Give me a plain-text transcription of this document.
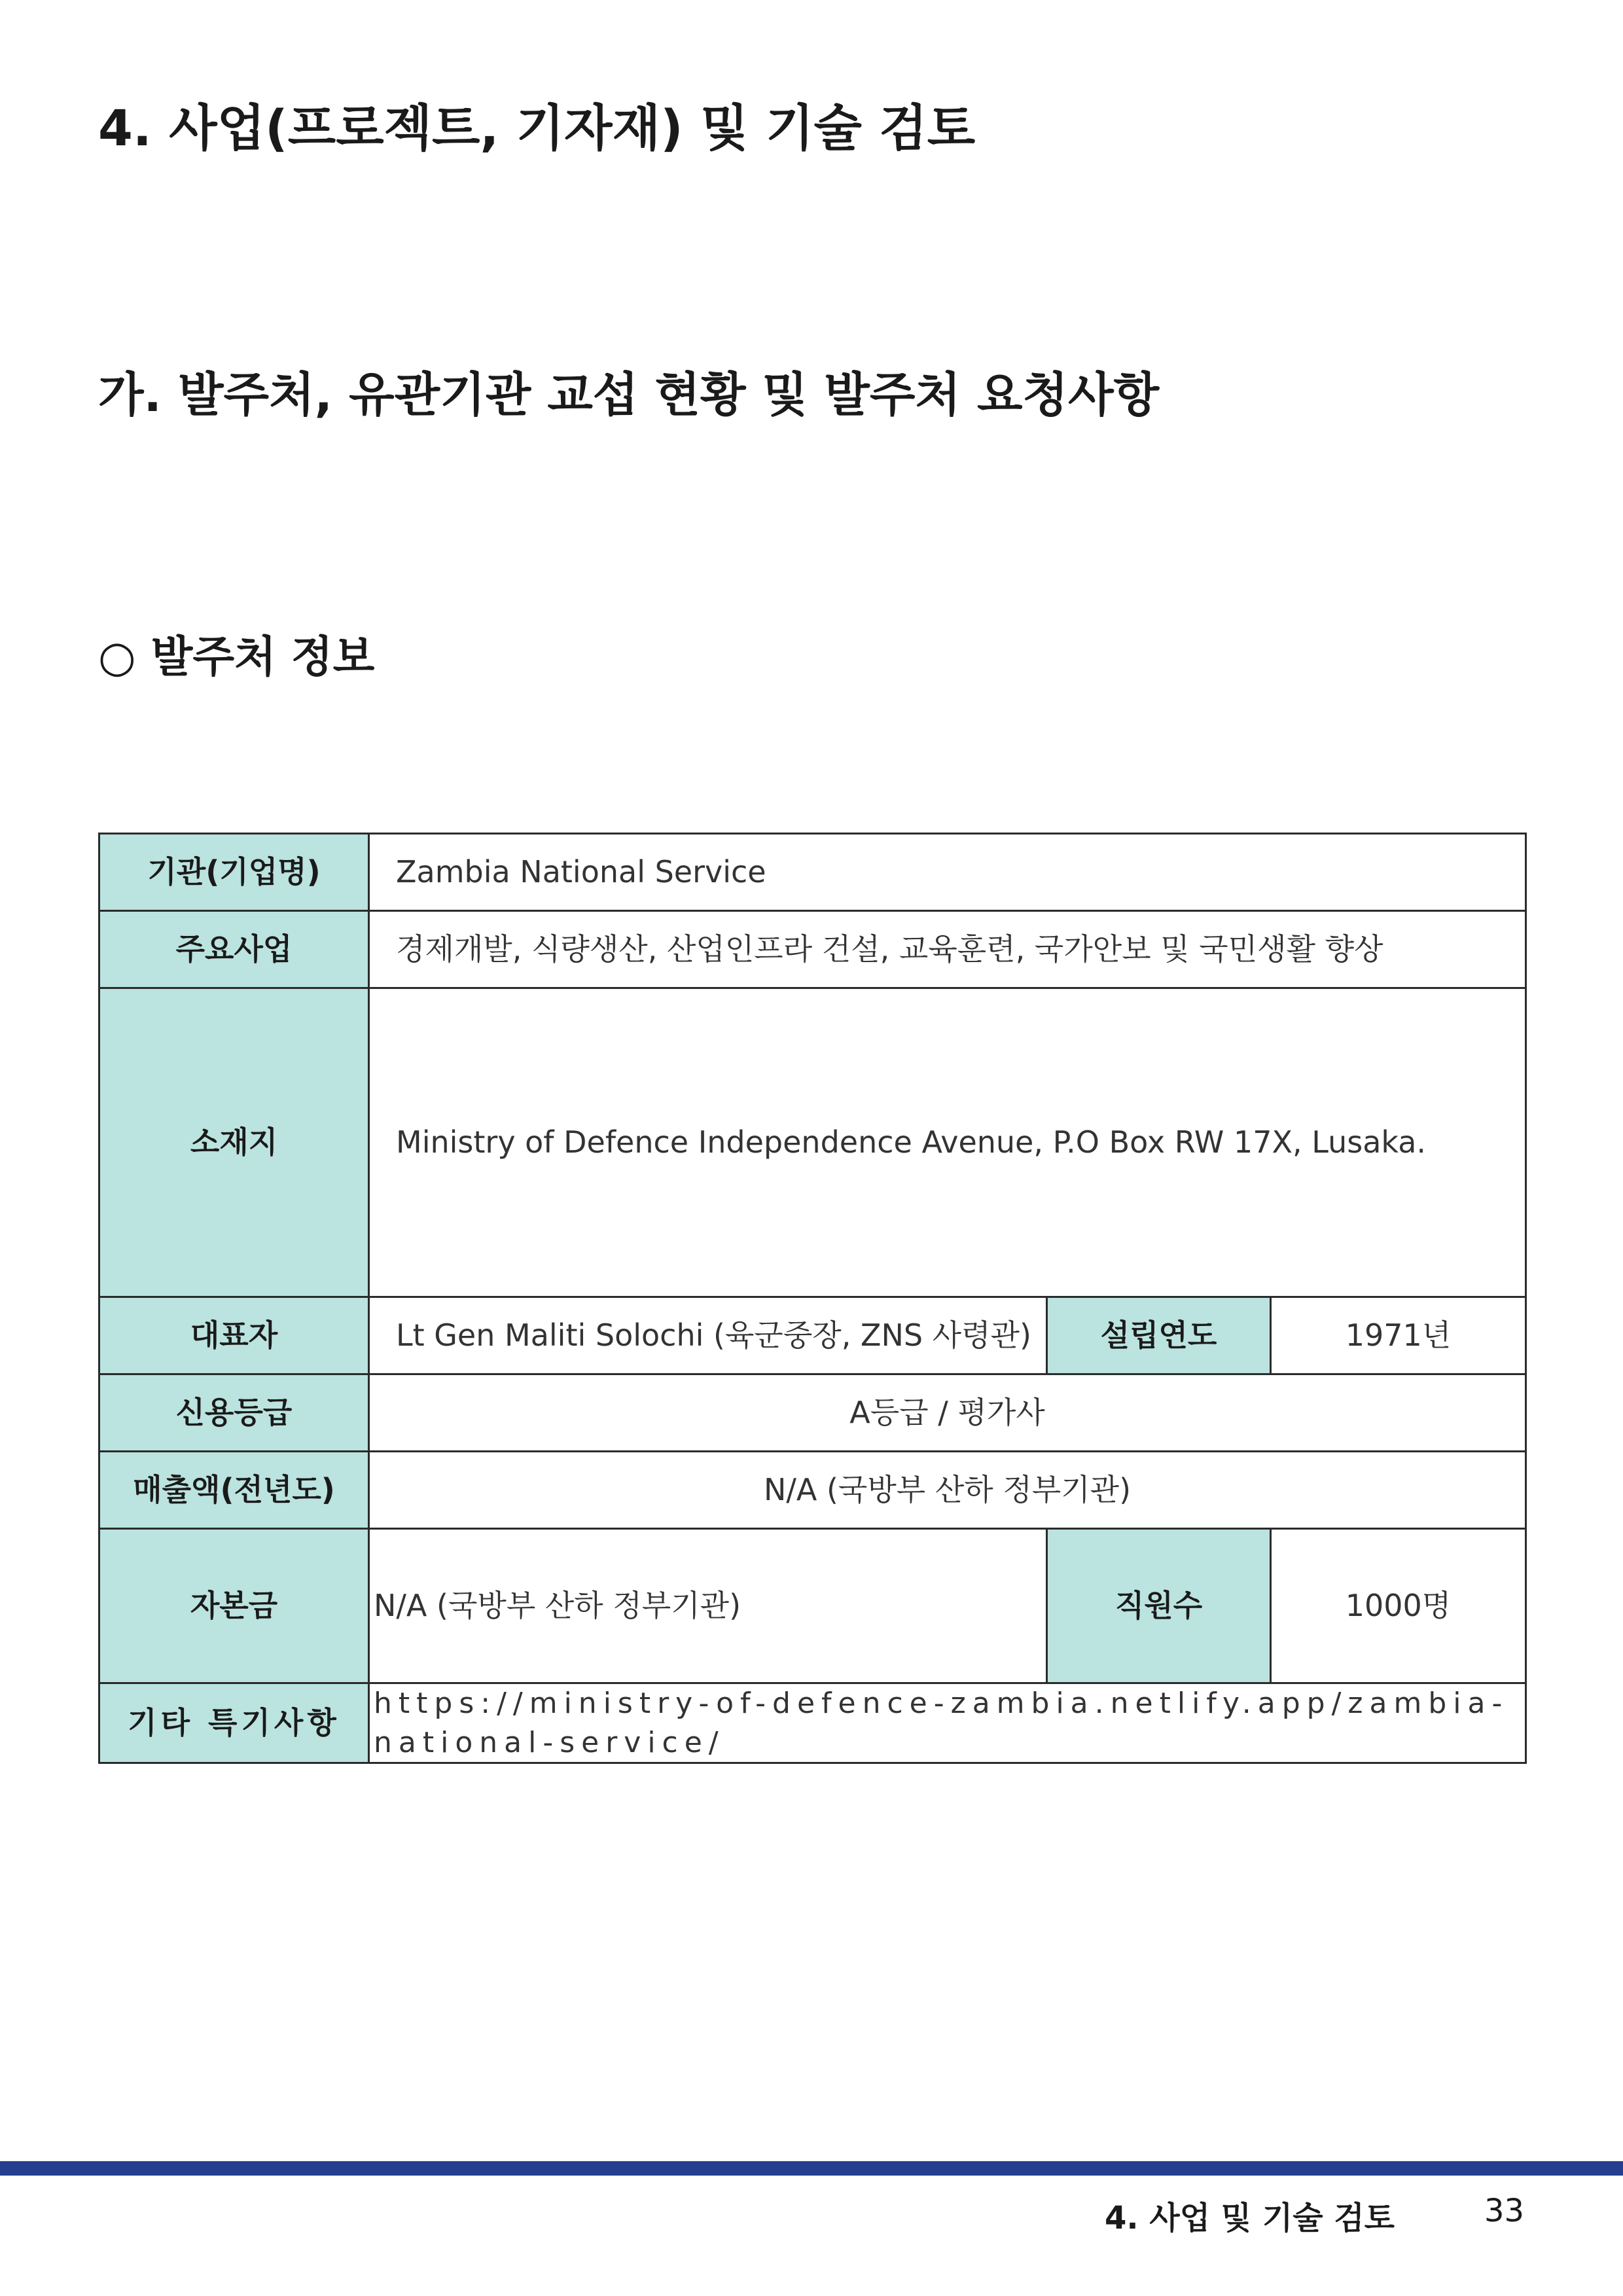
4. 사업(프로젝트, 기자재) 및 기술 검토
가. 발주처, 유관기관 교섭 현황 및 발주처 요청사항
○ 발주처 정보
기관(기업명)	Zambia National Service		
주요사업	경제개발, 식량생산, 산업인프라 건설, 교육훈련, 국가안보 및 국민생활 향상		
소재지	Ministry of Defence Independence Avenue, P.O Box RW 17X, Lusaka.		
대표자	Lt Gen Maliti Solochi (육군중장, ZNS 사령관)	설립연도	1971년
신용등급	A등급 / 평가사		
매출액(전년도)	N/A (국방부 산하 정부기관)		
자본금	N/A (국방부 산하 정부기관)	직원수	1000명
기타 특기사항	https://ministry-of-defence-zambia.netlify.app/zambia-national-service/		
4. 사업 및 기술 검토	33
